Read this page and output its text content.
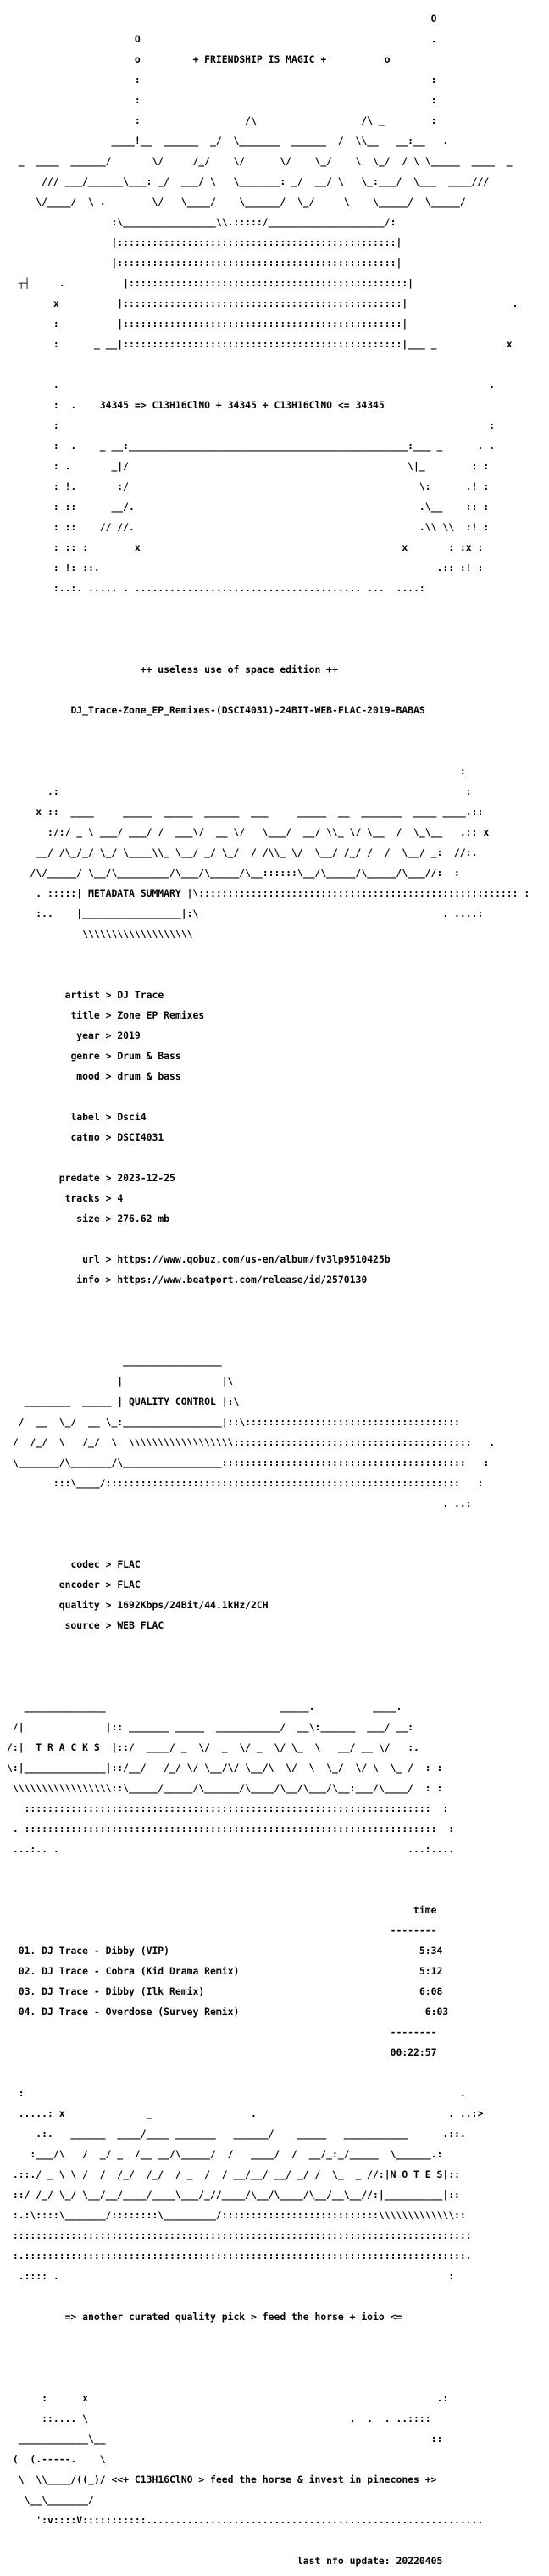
O

O                                                  .

o         + FRIENDSHIP IS MAGIC +          o

:                                                  :

:                                                  :

:                  /\                  /\ _        :

____!__  ______  _/  \_______  ______  /  \\__   __:__   .

_  ____  ______/       \/     /_/    \/      \/    \_/    \  \_/  / \ \_____  ____  _

/// ___/______\___: _/  ___/ \   \_______: _/  __/ \   \_:___/  \___  ____///

\/____/  \ .        \/   \____/    \______/  \_/     \    \_____/  \_____/

:\________________\\.:::::/____________________/:

|::::::::::::::::::::::::::::::::::::::::::::::::|

|::::::::::::::::::::::::::::::::::::::::::::::::|

┬┤     .          |::::::::::::::::::::::::::::::::::::::::::::::::|

x          |::::::::::::::::::::::::::::::::::::::::::::::::|                  .

:          |::::::::::::::::::::::::::::::::::::::::::::::::|

:      _ __|::::::::::::::::::::::::::::::::::::::::::::::::|___ _            x

.                                                                          .

:  .    34345 => C13H16ClNO + 34345 + C13H16ClNO <= 34345

:                                                                          :

:  .    _ __:________________________________________________:___ _      . .

: .       _|/                                                \|_        : :

: !.       :/                                                  \:      .! :

: ::      __/.                                                 .\__    :: :

: ::    // //.                                                 .\\ \\  :! :

: :: :        x                                             x       : :x :

: !: ::.                                                          .:: :! :

:..:. ..... . ....................................... ...  ....:

++ useless use of space edition ++

DJ_Trace-Zone_EP_Remixes-(DSCI4031)-24BIT-WEB-FLAC-2019-BABAS

:

.:                                                                      :

x ::  ____     _____  _____  ______  ___     _____  __  _______  ____ ____.::

:/:/ _ \ ___/ ___/ /  ___\/  __ \/   \___/  __/ \\_ \/ \__  /  \_\__   .:: x

__/ /\_/_/ \_/ \____\\_ \__/ _/ \_/  / /\\_ \/  \__/ /_/ /  /  \__/ _:  //:.

/\/_____/ \__/\_________/\___/\_____/\__::::::\__/\_____/\_____/\___//:  :

. :::::| METADATA SUMMARY |\::::::::::::::::::::::::::::::::::::::::::::::::::::::: :

:..    |_________________|:\                                          . ....:

\\\\\\\\\\\\\\\\\\\

artist > DJ Trace

title > Zone EP Remixes

year > 2019

genre > Drum & Bass

mood > drum & bass

label > Dsci4

catno > DSCI4031

predate > 2023-12-25

tracks > 4

size > 276.62 mb

url > https://www.qobuz.com/us-en/album/fv3lp9510425b

info > https://www.beatport.com/release/id/2570130

_________________

|                 |\

________  _____ | QUALITY CONTROL |:\

/  __  \_/  __ \_:_________________|::\:::::::::::::::::::::::::::::::::::::

/  /_/  \   /_/  \  \\\\\\\\\\\\\\\\\\:::::::::::::::::::::::::::::::::::::::::   .

\_______/\_______/\_________________::::::::::::::::::::::::::::::::::::::::::   :

:::\____/:::::::::::::::::::::::::::::::::::::::::::::::::::::::::::::   :

. ..:

codec > FLAC

encoder > FLAC

quality > 1692Kbps/24Bit/44.1kHz/2CH

source > WEB FLAC

______________                              _____.          ____.

/|              |:: _______ _____  ___________/  __\:______  ___/ __:

/:|  T R A C K S  |::/  ____/ _  \/  _  \/ _  \/ \_  \   __/ __ \/   :.

\:|______________|::/__/   /_/ \/ \__/\/ \__/\  \/  \  \_/  \/ \  \_ /  : :

\\\\\\\\\\\\\\\\\::\_____/_____/\______/\____/\__/\___/\__:___/\____/  : :

::::::::::::::::::::::::::::::::::::::::::::::::::::::::::::::::::::::  :

. :::::::::::::::::::::::::::::::::::::::::::::::::::::::::::::::::::::::  :

...:.. .                                                            ...:....

time

--------

01. DJ Trace - Dibby (VIP)	5:34

02. DJ Trace - Cobra (Kid Drama Remix)	5:12

03. DJ Trace - Dibby (Ilk Remix)	6:08

04. DJ Trace - Overdose (Survey Remix)	6:03

--------

00:22:57

:                                                                           .

.....: x              _                 .                                 . ..:>

.:.   ______  ____/____ _______   ______/    _____   ___________      .::.

:___/\   /  _/ _  /__ __/\_____/  /   ____/  /  __/_:_/_____  \______.:

.::./ _ \ \ /  /  /_/  /_/  / _  /  / __/__/ __/ _/ /  \_  _ //:|N O T E S|::

::/ /_/ \_/ \__/__/____/____\___/_//____/\__/\____/\__/__\__//:|__________|::

:.:\::::\_______/::::::::\_________/:::::::::::::::::::::::::::\\\\\\\\\\\\\::

:::::::::::::::::::::::::::::::::::::::::::::::::::::::::::::::::::::::::::::::

:.::::::::::::::::::::::::::::::::::::::::::::::::::::::::::::::::::::::::::::.

.:::: .                                                                   :

=> another curated quality pick > feed the horse + ioio <=

:      x                                                            .:

::.... \                                             .  .  . ..::::

____________\__                                                        ::

(  (.-----.    \

\  \\____/((_)/ <<+ C13H16ClNO > feed the horse & invest in pinecones +>

\__\_______/

':v::::V:::::::::::..........................................................

last nfo update: 20220405
